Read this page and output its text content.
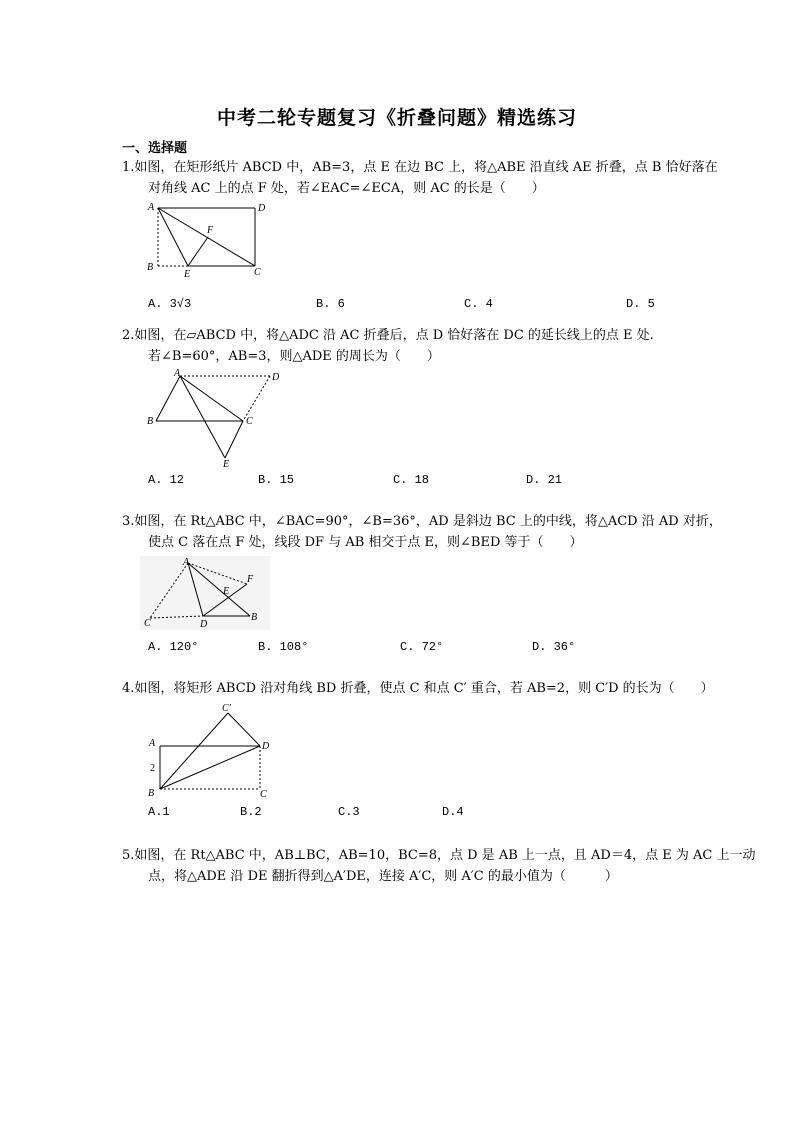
中考二轮专题复习《折叠问题》精选练习
一、选择题
1.如图，在矩形纸片 ABCD 中，AB=3，点 E 在边 BC 上，将△ABE 沿直线 AE 折叠，点 B 恰好落在
对角线 AC 上的点 F 处，若∠EAC=∠ECA，则 AC 的长是（　　）
A	D
F
B
E	C
A. 3√3	B. 6	C. 4	D. 5
2.如图，在▱ABCD 中，将△ADC 沿 AC 折叠后，点 D 恰好落在 DC 的延长线上的点 E 处.
若∠B=60°，AB=3，则△ADE 的周长为（　　）
A	D
B	C
E
A. 12	B. 15	C. 18	D. 21
3.如图，在 Rt△ABC 中，∠BAC=90°，∠B=36°，AD 是斜边 BC 上的中线，将△ACD 沿 AD 对折，
使点 C 落在点 F 处，线段 DF 与 AB 相交于点 E，则∠BED 等于（　　）
A
F
E
C	D
B
A. 120°	B. 108°	C. 72°	D. 36°
4.如图，将矩形 ABCD 沿对角线 BD 折叠，使点 C 和点 C′ 重合，若 AB=2，则 C′D 的长为（　　）
C′
A	D
2
B	C
A.1	B.2	C.3	D.4
5.如图，在 Rt△ABC 中，AB⊥BC，AB=10，BC=8，点 D 是 AB 上一点，且 AD＝4，点 E 为 AC 上一动
点，将△ADE 沿 DE 翻折得到△A′DE，连接 A′C，则 A′C 的最小值为（　　　）
